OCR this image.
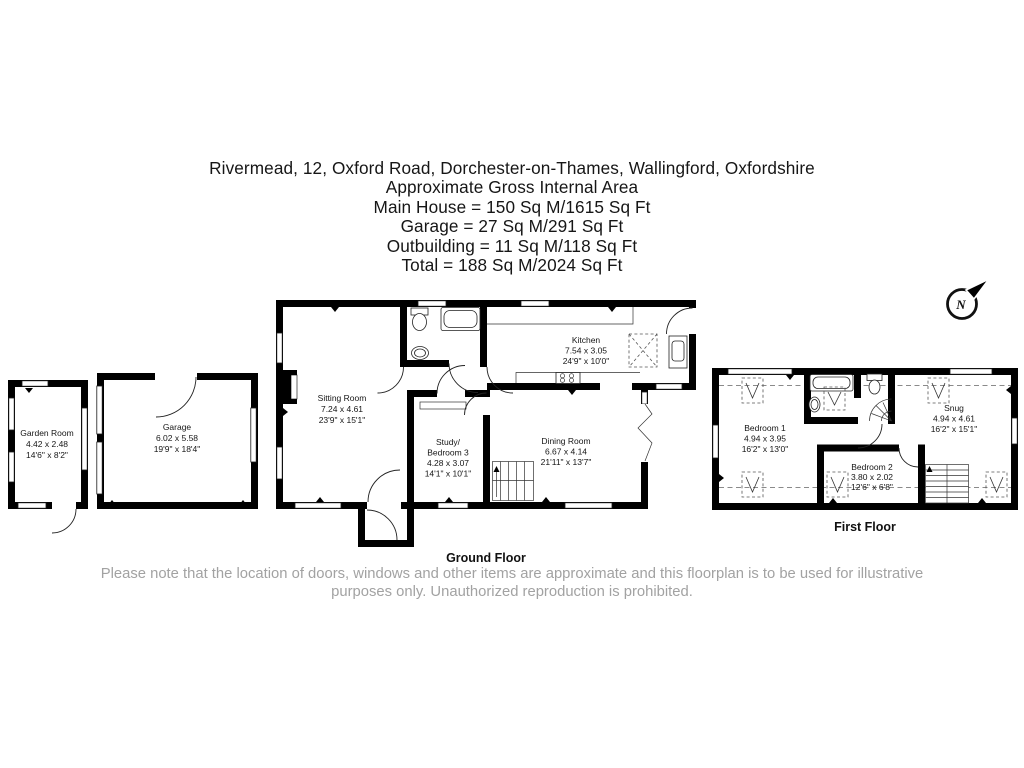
Rivermead, 12, Oxford Road, Dorchester-on-Thames, Wallingford, Oxfordshire
Approximate Gross Internal Area
Main House = 150 Sq M/1615 Sq Ft
Garage = 27 Sq M/291 Sq Ft
Outbuilding = 11 Sq M/118 Sq Ft
Total = 188 Sq M/2024 Sq Ft
Garden Room
4.42 x 2.48
14'6" x 8'2"
Garage
6.02 x 5.58
19'9" x 18'4"
Sitting Room
7.24 x 4.61
23'9" x 15'1"
Kitchen
7.54 x 3.05
24'9" x 10'0"
Study/
Bedroom 3
4.28 x 3.07
14'1" x 10'1"
Dining Room
6.67 x 4.14
21'11" x 13'7"
Ground Floor
Bedroom 1
4.94 x 3.95
16'2" x 13'0"
Snug
4.94 x 4.61
16'2" x 15'1"
Bedroom 2
3.80 x 2.02
12'6" x 6'8"
First Floor
N
Please note that the location of doors, windows and other items are approximate and this floorplan is to be used for illustrative
purposes only. Unauthorized reproduction is prohibited.
